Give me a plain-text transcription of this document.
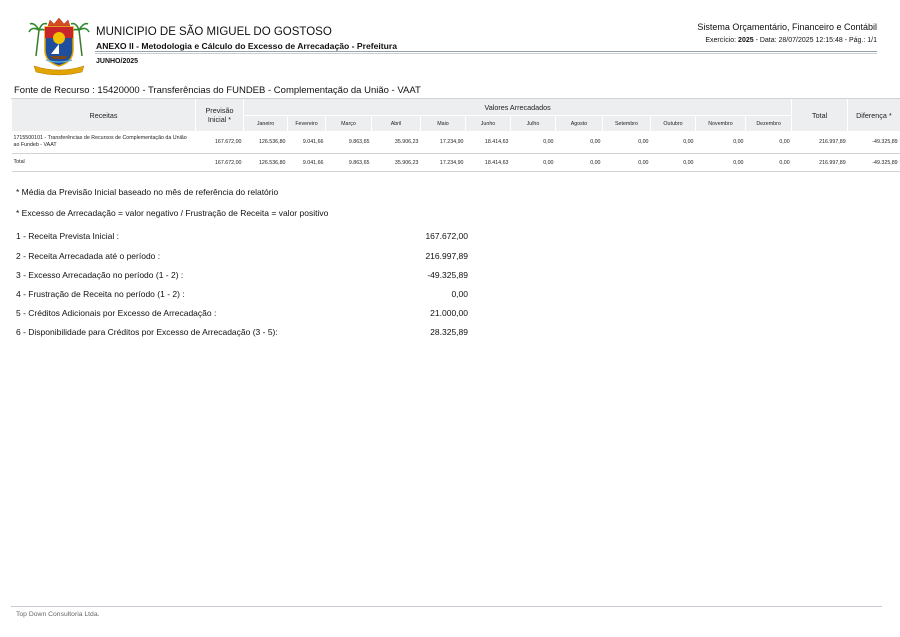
MUNICIPIO DE SÃO MIGUEL DO GOSTOSO
ANEXO II - Metodologia e Cálculo do Excesso de Arrecadação - Prefeitura
JUNHO/2025
Sistema Orçamentário, Financeiro e Contábil
Exercício: 2025 - Data: 28/07/2025 12:15:48 - Pág.: 1/1
Fonte de Recurso : 15420000 - Transferências do FUNDEB - Complementação da União - VAAT
Receitas	Previsão Inicial *	Valores Arrecadados												Total	Diferença *
		Janeiro	Fevereiro	Março	Abril	Maio	Junho	Julho	Agosto	Setembro	Outubro	Novembro	Dezembro		
1715500101 - Transferências de Recursos de Complementação da União ao Fundeb - VAAT	167.672,00	126.536,80	9.041,66	9.863,65	35.906,23	17.234,90	18.414,63	0,00	0,00	0,00	0,00	0,00	0,00	216.997,89	-49.325,89
Total	167.672,00	126.536,80	9.041,66	9.863,65	35.906,23	17.234,90	18.414,63	0,00	0,00	0,00	0,00	0,00	0,00	216.997,89	-49.325,89
* Média da Previsão Inicial baseado no mês de referência do relatório
* Excesso de Arrecadação = valor negativo / Frustração de Receita = valor positivo
1 - Receita Prevista Inicial :	167.672,00
2 - Receita Arrecadada até o período :	216.997,89
3 - Excesso Arrecadação no período (1 - 2) :	-49.325,89
4 - Frustração de Receita no período (1 - 2) :	0,00
5 - Créditos Adicionais por Excesso de Arrecadação :	21.000,00
6 - Disponibilidade para Créditos por Excesso de Arrecadação (3 - 5):	28.325,89
Top Down Consultoria Ltda.
